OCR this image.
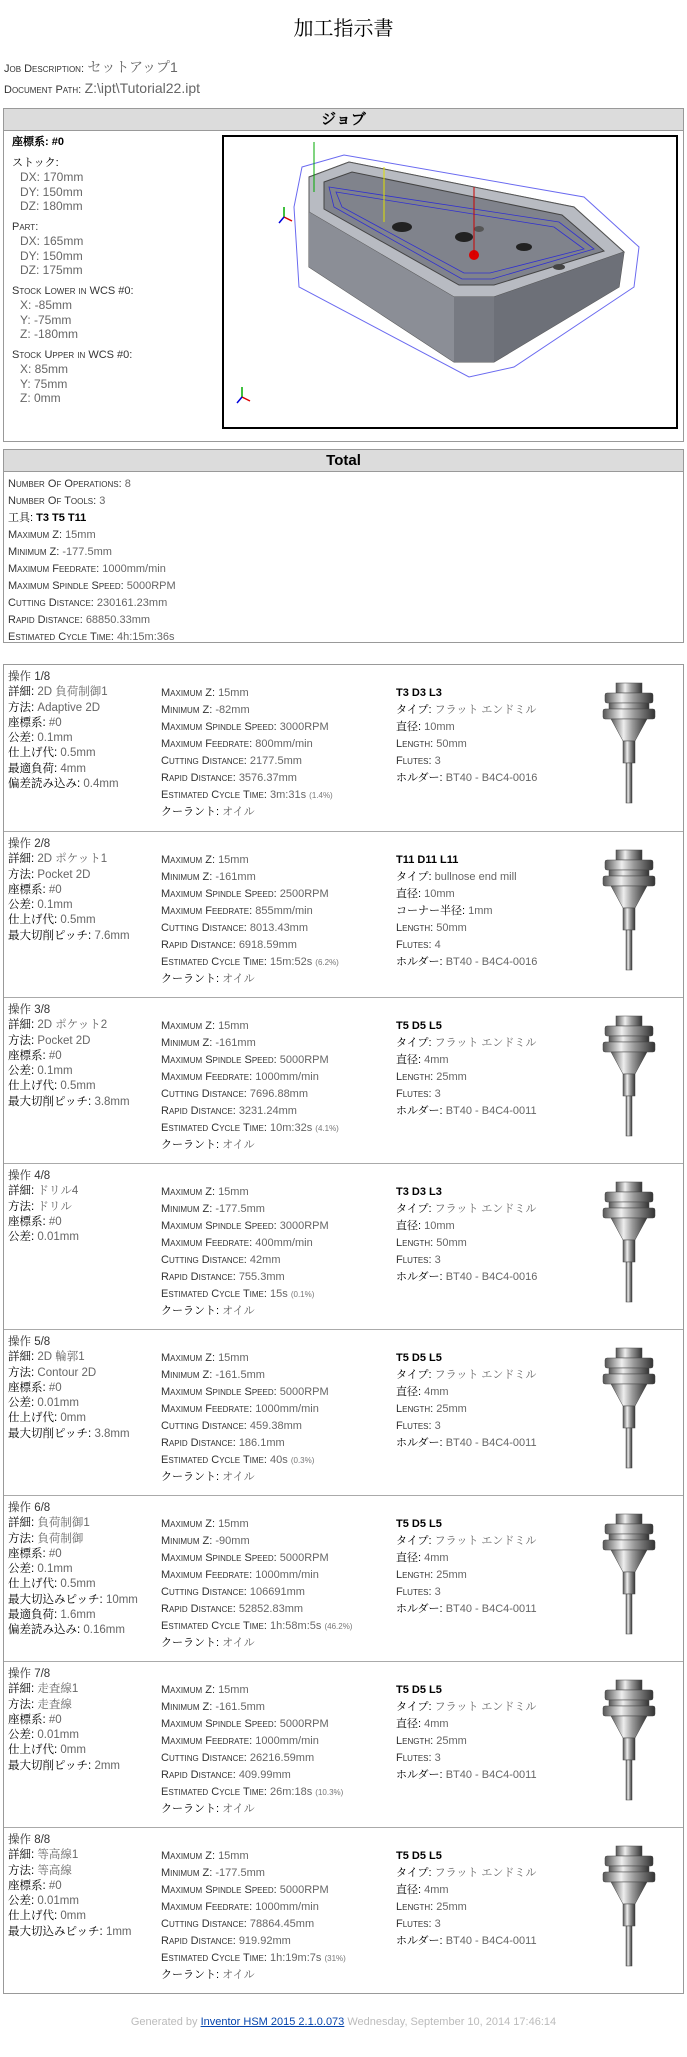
加工指示書
Job Description: セットアップ1
Document Path: Z:\ipt\Tutorial22.ipt
ジョブ
座標系: #0
ストック:
DX: 170mm
DY: 150mm
DZ: 180mm
Part:
DX: 165mm
DY: 150mm
DZ: 175mm
Stock Lower in WCS #0:
X: -85mm
Y: -75mm
Z: -180mm
Stock Upper in WCS #0:
X: 85mm
Y: 75mm
Z: 0mm
Total
Number Of Operations: 8
Number Of Tools: 3
工具: T3 T5 T11
Maximum Z: 15mm
Minimum Z: -177.5mm
Maximum Feedrate: 1000mm/min
Maximum Spindle Speed: 5000RPM
Cutting Distance: 230161.23mm
Rapid Distance: 68850.33mm
Estimated Cycle Time: 4h:15m:36s
操作 1/8
詳細: 2D 負荷制御1
方法: Adaptive 2D
座標系: #0
公差: 0.1mm
仕上げ代: 0.5mm
最適負荷: 4mm
偏差読み込み: 0.4mm
Maximum Z: 15mm
Minimum Z: -82mm
Maximum Spindle Speed: 3000RPM
Maximum Feedrate: 800mm/min
Cutting Distance: 2177.5mm
Rapid Distance: 3576.37mm
Estimated Cycle Time: 3m:31s (1.4%)
クーラント: オイル
T3 D3 L3
タイプ: フラット エンドミル
直径: 10mm
Length: 50mm
Flutes: 3
ホルダー: BT40 - B4C4-0016
操作 2/8
詳細: 2D ポケット1
方法: Pocket 2D
座標系: #0
公差: 0.1mm
仕上げ代: 0.5mm
最大切削ピッチ: 7.6mm
Maximum Z: 15mm
Minimum Z: -161mm
Maximum Spindle Speed: 2500RPM
Maximum Feedrate: 855mm/min
Cutting Distance: 8013.43mm
Rapid Distance: 6918.59mm
Estimated Cycle Time: 15m:52s (6.2%)
クーラント: オイル
T11 D11 L11
タイプ: bullnose end mill
直径: 10mm
コーナー半径: 1mm
Length: 50mm
Flutes: 4
ホルダー: BT40 - B4C4-0016
操作 3/8
詳細: 2D ポケット2
方法: Pocket 2D
座標系: #0
公差: 0.1mm
仕上げ代: 0.5mm
最大切削ピッチ: 3.8mm
Maximum Z: 15mm
Minimum Z: -161mm
Maximum Spindle Speed: 5000RPM
Maximum Feedrate: 1000mm/min
Cutting Distance: 7696.88mm
Rapid Distance: 3231.24mm
Estimated Cycle Time: 10m:32s (4.1%)
クーラント: オイル
T5 D5 L5
タイプ: フラット エンドミル
直径: 4mm
Length: 25mm
Flutes: 3
ホルダー: BT40 - B4C4-0011
操作 4/8
詳細: ドリル4
方法: ドリル
座標系: #0
公差: 0.01mm
Maximum Z: 15mm
Minimum Z: -177.5mm
Maximum Spindle Speed: 3000RPM
Maximum Feedrate: 400mm/min
Cutting Distance: 42mm
Rapid Distance: 755.3mm
Estimated Cycle Time: 15s (0.1%)
クーラント: オイル
T3 D3 L3
タイプ: フラット エンドミル
直径: 10mm
Length: 50mm
Flutes: 3
ホルダー: BT40 - B4C4-0016
操作 5/8
詳細: 2D 輪郭1
方法: Contour 2D
座標系: #0
公差: 0.01mm
仕上げ代: 0mm
最大切削ピッチ: 3.8mm
Maximum Z: 15mm
Minimum Z: -161.5mm
Maximum Spindle Speed: 5000RPM
Maximum Feedrate: 1000mm/min
Cutting Distance: 459.38mm
Rapid Distance: 186.1mm
Estimated Cycle Time: 40s (0.3%)
クーラント: オイル
T5 D5 L5
タイプ: フラット エンドミル
直径: 4mm
Length: 25mm
Flutes: 3
ホルダー: BT40 - B4C4-0011
操作 6/8
詳細: 負荷制御1
方法: 負荷制御
座標系: #0
公差: 0.1mm
仕上げ代: 0.5mm
最大切込みピッチ: 10mm
最適負荷: 1.6mm
偏差読み込み: 0.16mm
Maximum Z: 15mm
Minimum Z: -90mm
Maximum Spindle Speed: 5000RPM
Maximum Feedrate: 1000mm/min
Cutting Distance: 106691mm
Rapid Distance: 52852.83mm
Estimated Cycle Time: 1h:58m:5s (46.2%)
クーラント: オイル
T5 D5 L5
タイプ: フラット エンドミル
直径: 4mm
Length: 25mm
Flutes: 3
ホルダー: BT40 - B4C4-0011
操作 7/8
詳細: 走査線1
方法: 走査線
座標系: #0
公差: 0.01mm
仕上げ代: 0mm
最大切削ピッチ: 2mm
Maximum Z: 15mm
Minimum Z: -161.5mm
Maximum Spindle Speed: 5000RPM
Maximum Feedrate: 1000mm/min
Cutting Distance: 26216.59mm
Rapid Distance: 409.99mm
Estimated Cycle Time: 26m:18s (10.3%)
クーラント: オイル
T5 D5 L5
タイプ: フラット エンドミル
直径: 4mm
Length: 25mm
Flutes: 3
ホルダー: BT40 - B4C4-0011
操作 8/8
詳細: 等高線1
方法: 等高線
座標系: #0
公差: 0.01mm
仕上げ代: 0mm
最大切込みピッチ: 1mm
Maximum Z: 15mm
Minimum Z: -177.5mm
Maximum Spindle Speed: 5000RPM
Maximum Feedrate: 1000mm/min
Cutting Distance: 78864.45mm
Rapid Distance: 919.92mm
Estimated Cycle Time: 1h:19m:7s (31%)
クーラント: オイル
T5 D5 L5
タイプ: フラット エンドミル
直径: 4mm
Length: 25mm
Flutes: 3
ホルダー: BT40 - B4C4-0011
Generated by Inventor HSM 2015 2.1.0.073 Wednesday, September 10, 2014 17:46:14
